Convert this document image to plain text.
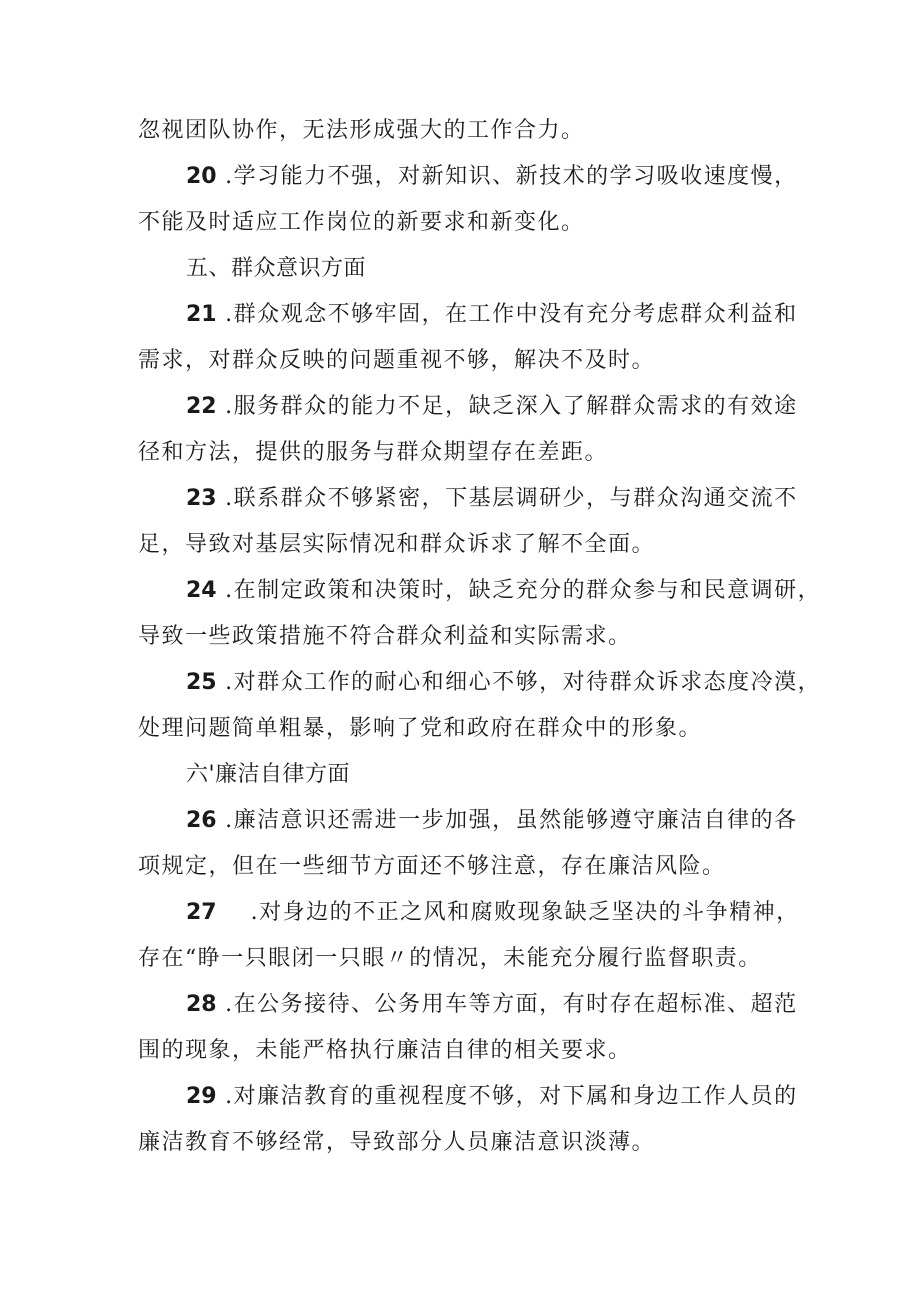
忽视团队协作，无法形成强大的工作合力。
20 .学习能力不强，对新知识、新技术的学习吸收速度慢，
不能及时适应工作岗位的新要求和新变化。
五、群众意识方面
21 .群众观念不够牢固，在工作中没有充分考虑群众利益和
需求，对群众反映的问题重视不够，解决不及时。
22 .服务群众的能力不足，缺乏深入了解群众需求的有效途
径和方法，提供的服务与群众期望存在差距。
23 .联系群众不够紧密，下基层调研少，与群众沟通交流不
足，导致对基层实际情况和群众诉求了解不全面。
24 .在制定政策和决策时，缺乏充分的群众参与和民意调研，
导致一些政策措施不符合群众利益和实际需求。
25 .对群众工作的耐心和细心不够，对待群众诉求态度冷漠，
处理问题简单粗暴，影响了党和政府在群众中的形象。
六'廉洁自律方面
26 .廉洁意识还需进一步加强，虽然能够遵守廉洁自律的各
项规定，但在一些细节方面还不够注意，存在廉洁风险。
27    .对身边的不正之风和腐败现象缺乏坚决的斗争精神，
存在“睁一只眼闭一只眼〃的情况，未能充分履行监督职责。
28 .在公务接待、公务用车等方面，有时存在超标准、超范
围的现象，未能严格执行廉洁自律的相关要求。
29 .对廉洁教育的重视程度不够，对下属和身边工作人员的
廉洁教育不够经常，导致部分人员廉洁意识淡薄。
